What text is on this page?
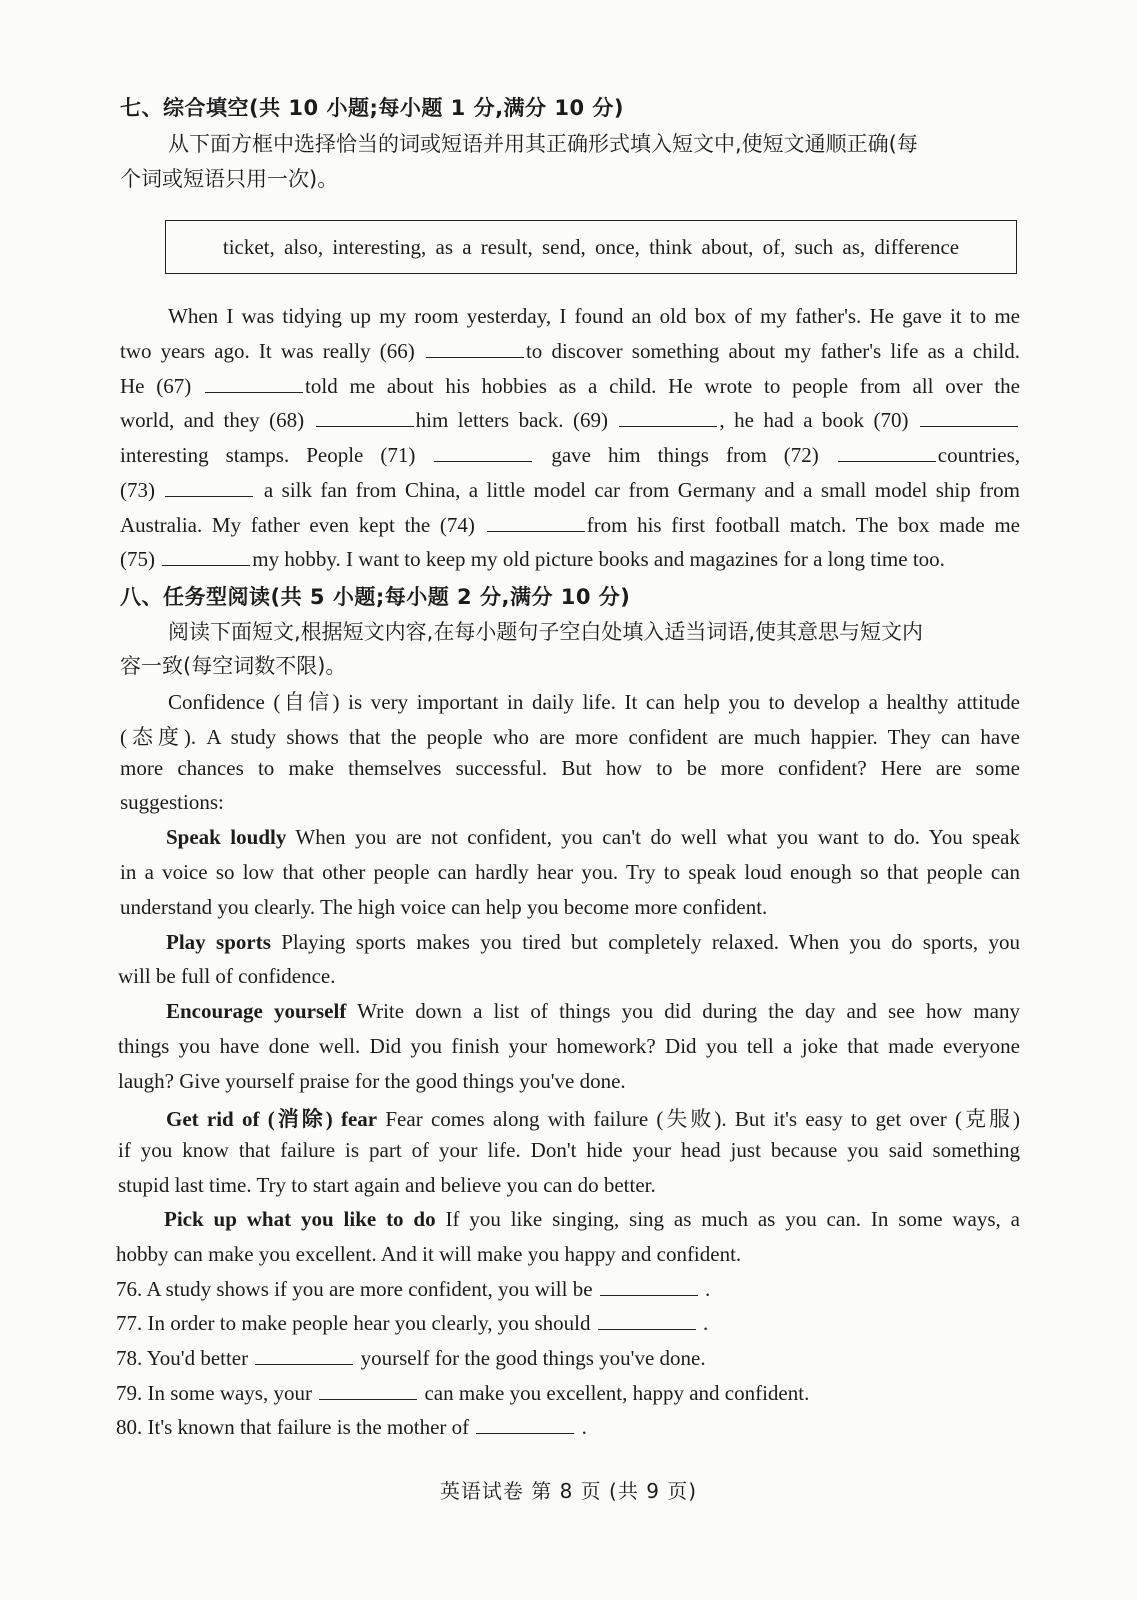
七、综合填空(共 10 小题;每小题 1 分,满分 10 分)
从下面方框中选择恰当的词或短语并用其正确形式填入短文中,使短文通顺正确(每
个词或短语只用一次)。
ticket, also, interesting, as a result, send, once, think about, of, such as, difference
When I was tidying up my room yesterday, I found an old box of my father's. He gave it to me
two years ago. It was really (66)	to discover something about my father's life as a child.
He (67)	told me about his hobbies as a child. He wrote to people from all over the
world, and they (68)	him letters back. (69)	, he had a book (70)
interesting stamps. People (71)	gave him things from (72)	countries,
(73)	a silk fan from China, a little model car from Germany and a small model ship from
Australia. My father even kept the (74)	from his first football match. The box made me
(75)	my hobby. I want to keep my old picture books and magazines for a long time too.
八、任务型阅读(共 5 小题;每小题 2 分,满分 10 分)
阅读下面短文,根据短文内容,在每小题句子空白处填入适当词语,使其意思与短文内
容一致(每空词数不限)。
Confidence (自信) is very important in daily life. It can help you to develop a healthy attitude
(态度). A study shows that the people who are more confident are much happier. They can have
more chances to make themselves successful. But how to be more confident? Here are some
suggestions:
Speak loudly When you are not confident, you can't do well what you want to do. You speak
in a voice so low that other people can hardly hear you. Try to speak loud enough so that people can
understand you clearly. The high voice can help you become more confident.
Play sports Playing sports makes you tired but completely relaxed. When you do sports, you
will be full of confidence.
Encourage yourself Write down a list of things you did during the day and see how many
things you have done well. Did you finish your homework? Did you tell a joke that made everyone
laugh? Give yourself praise for the good things you've done.
Get rid of (消除) fear Fear comes along with failure (失败). But it's easy to get over (克服)
if you know that failure is part of your life. Don't hide your head just because you said something
stupid last time. Try to start again and believe you can do better.
Pick up what you like to do If you like singing, sing as much as you can. In some ways, a
hobby can make you excellent. And it will make you happy and confident.
76. A study shows if you are more confident, you will be	.
77. In order to make people hear you clearly, you should	.
78. You'd better	yourself for the good things you've done.
79. In some ways, your	can make you excellent, happy and confident.
80. It's known that failure is the mother of	.
英语试卷 第 8 页 (共 9 页)
